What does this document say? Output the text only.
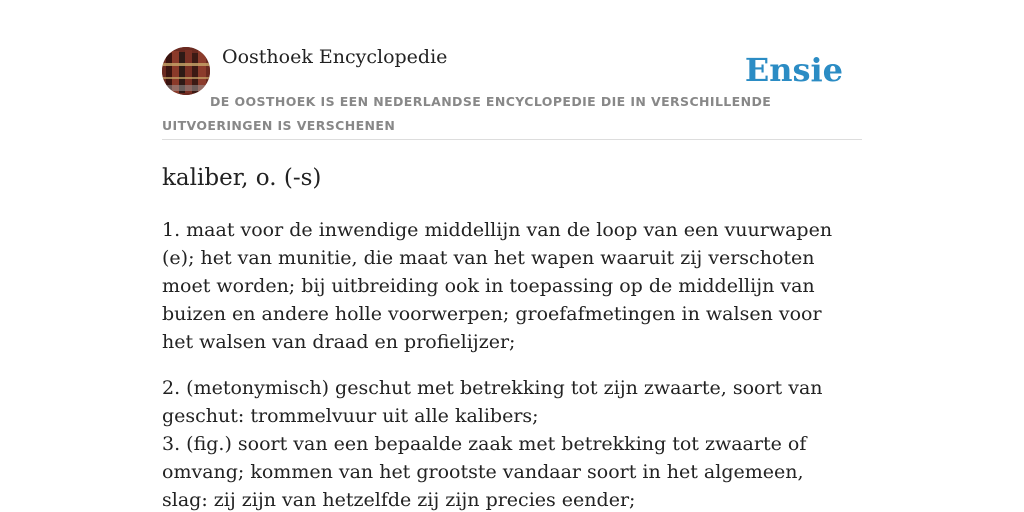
Oosthoek Encyclopedie	Ensie
DE OOSTHOEK IS EEN NEDERLANDSE ENCYCLOPEDIE DIE IN VERSCHILLENDE UITVOERINGEN IS VERSCHENEN
kaliber, o. (-s)

1. maat voor de inwendige middellijn van de loop van een vuurwapen (e); het van munitie, die maat van het wapen waaruit zij verschoten moet worden; bij uitbreiding ook in toepassing op de middellijn van buizen en andere holle voorwerpen; groefafmetingen in walsen voor het walsen van draad en profielijzer;

2. (metonymisch) geschut met betrekking tot zijn zwaarte, soort van geschut: trommelvuur uit alle kalibers;

3. (fig.) soort van een bepaalde zaak met betrekking tot zwaarte of omvang; kommen van het grootste vandaar soort in het algemeen, slag: zij zijn van hetzelfde zij zijn precies eender;
